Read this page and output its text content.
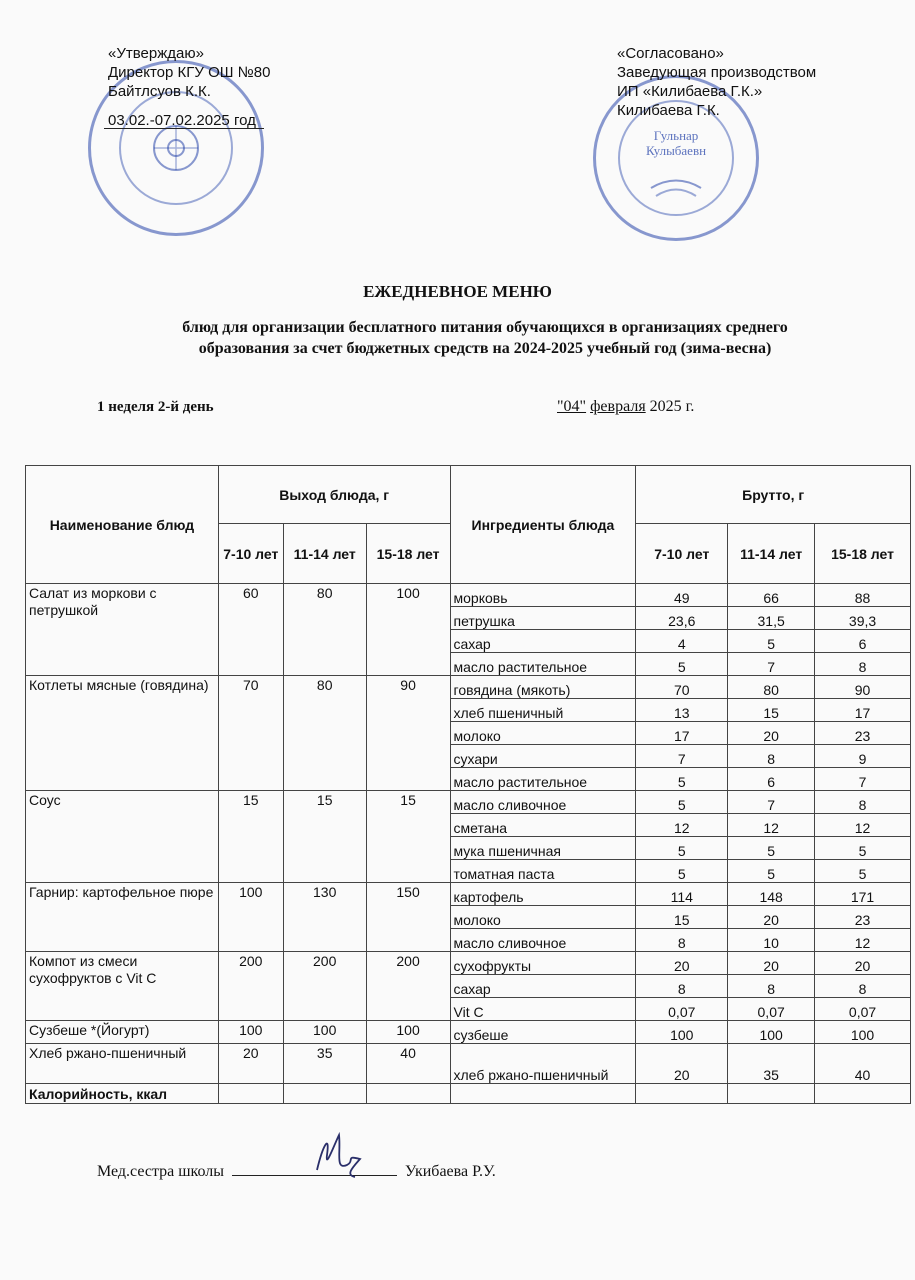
Гульнар
Кулыбаевн
«Утверждаю»
Директор КГУ ОШ №80
Байтлсуов К.К.
03.02.-07.02.2025 год
«Согласовано»
Заведующая производством
ИП «Килибаева Г.К.»
Килибаева Г.К.
ЕЖЕДНЕВНОЕ МЕНЮ
блюд для организации бесплатного питания обучающихся в организациях среднего
образования за счет бюджетных средств на 2024-2025 учебный год (зима-весна)
1 неделя 2-й день	"04" февраля 2025 г.
Наименование блюд	Выход блюда, г			Ингредиенты блюда	Брутто, г		
	7-10 лет	11-14 лет	15-18 лет		7-10 лет	11-14 лет	15-18 лет
Салат из моркови с петрушкой	60	80	100	морковь	49	66	88
				петрушка	23,6	31,5	39,3
				сахар	4	5	6
				масло растительное	5	7	8
Котлеты мясные (говядина)	70	80	90	говядина (мякоть)	70	80	90
				хлеб пшеничный	13	15	17
				молоко	17	20	23
				сухари	7	8	9
				масло растительное	5	6	7
Соус	15	15	15	масло сливочное	5	7	8
				сметана	12	12	12
				мука пшеничная	5	5	5
				томатная паста	5	5	5
Гарнир: картофельное пюре	100	130	150	картофель	114	148	171
				молоко	15	20	23
				масло сливочное	8	10	12
Компот из смеси сухофруктов с Vit C	200	200	200	сухофрукты	20	20	20
				сахар	8	8	8
				Vit C	0,07	0,07	0,07
Сузбеше *(Йогурт)	100	100	100	сузбеше	100	100	100
Хлеб ржано-пшеничный	20	35	40	хлеб ржано-пшеничный	20	35	40
Калорийность, ккал							
Мед.сестра школы	Укибаева Р.У.
